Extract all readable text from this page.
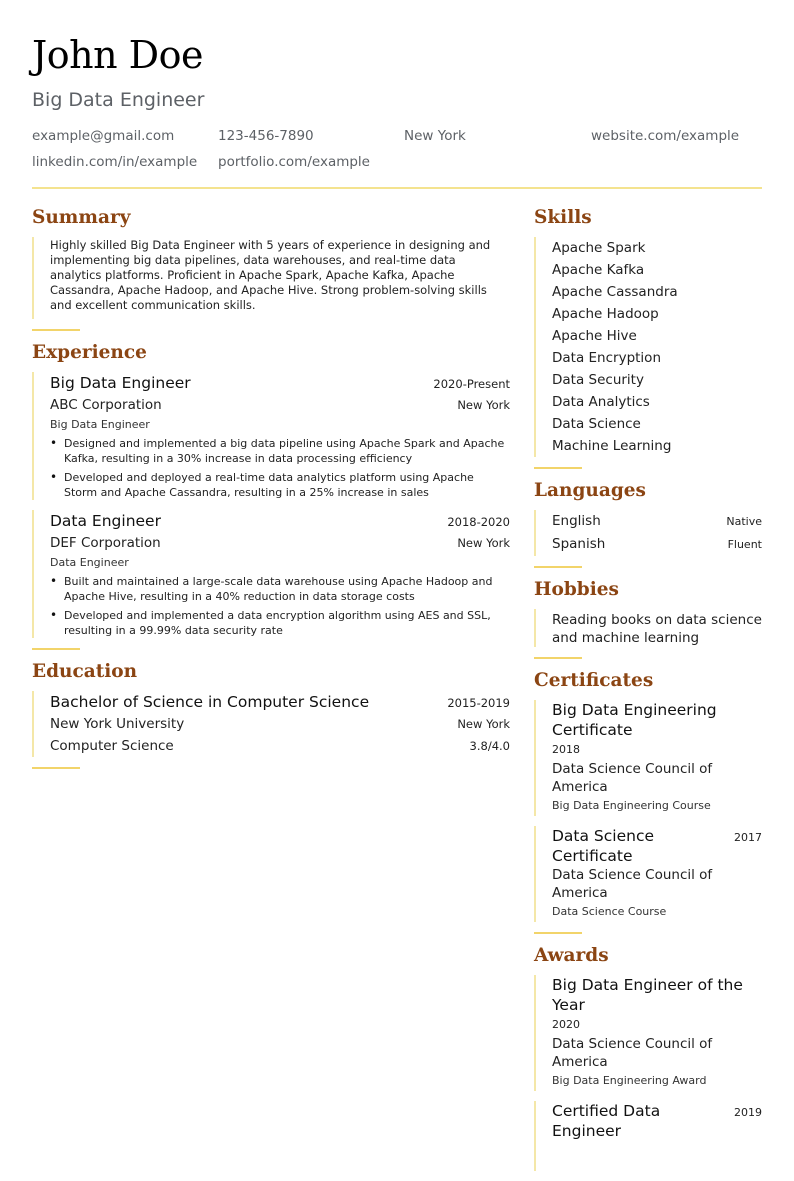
John Doe
Big Data Engineer
example@gmail.com	123-456-7890	New York	website.com/example
linkedin.com/in/example portfolio.com/example
Summary
Highly skilled Big Data Engineer with 5 years of experience in designing and implementing big data pipelines, data warehouses, and real-time data analytics platforms. Proficient in Apache Spark, Apache Kafka, Apache Cassandra, Apache Hadoop, and Apache Hive. Strong problem-solving skills and excellent communication skills.
Experience
Big Data Engineer	2020-Present
ABC Corporation	New York
Big Data Engineer
• Designed and implemented a big data pipeline using Apache Spark and Apache Kafka, resulting in a 30% increase in data processing efficiency
• Developed and deployed a real-time data analytics platform using Apache Storm and Apache Cassandra, resulting in a 25% increase in sales
Data Engineer	2018-2020
DEF Corporation	New York
Data Engineer
• Built and maintained a large-scale data warehouse using Apache Hadoop and Apache Hive, resulting in a 40% reduction in data storage costs
• Developed and implemented a data encryption algorithm using AES and SSL, resulting in a 99.99% data security rate
Education
Bachelor of Science in Computer Science	2015-2019
New York University	New York
Computer Science	3.8/4.0
Skills
Apache Spark
Apache Kafka
Apache Cassandra
Apache Hadoop
Apache Hive
Data Encryption
Data Security
Data Analytics
Data Science
Machine Learning
Languages
English	Native
Spanish	Fluent
Hobbies
Reading books on data science and machine learning
Certificates
Big Data Engineering Certificate
2018
Data Science Council of America
Big Data Engineering Course
Data Science Certificate
2017
Data Science Council of America
Data Science Course
Awards
Big Data Engineer of the Year
2020
Data Science Council of America
Big Data Engineering Award
Certified Data Engineer
2019
